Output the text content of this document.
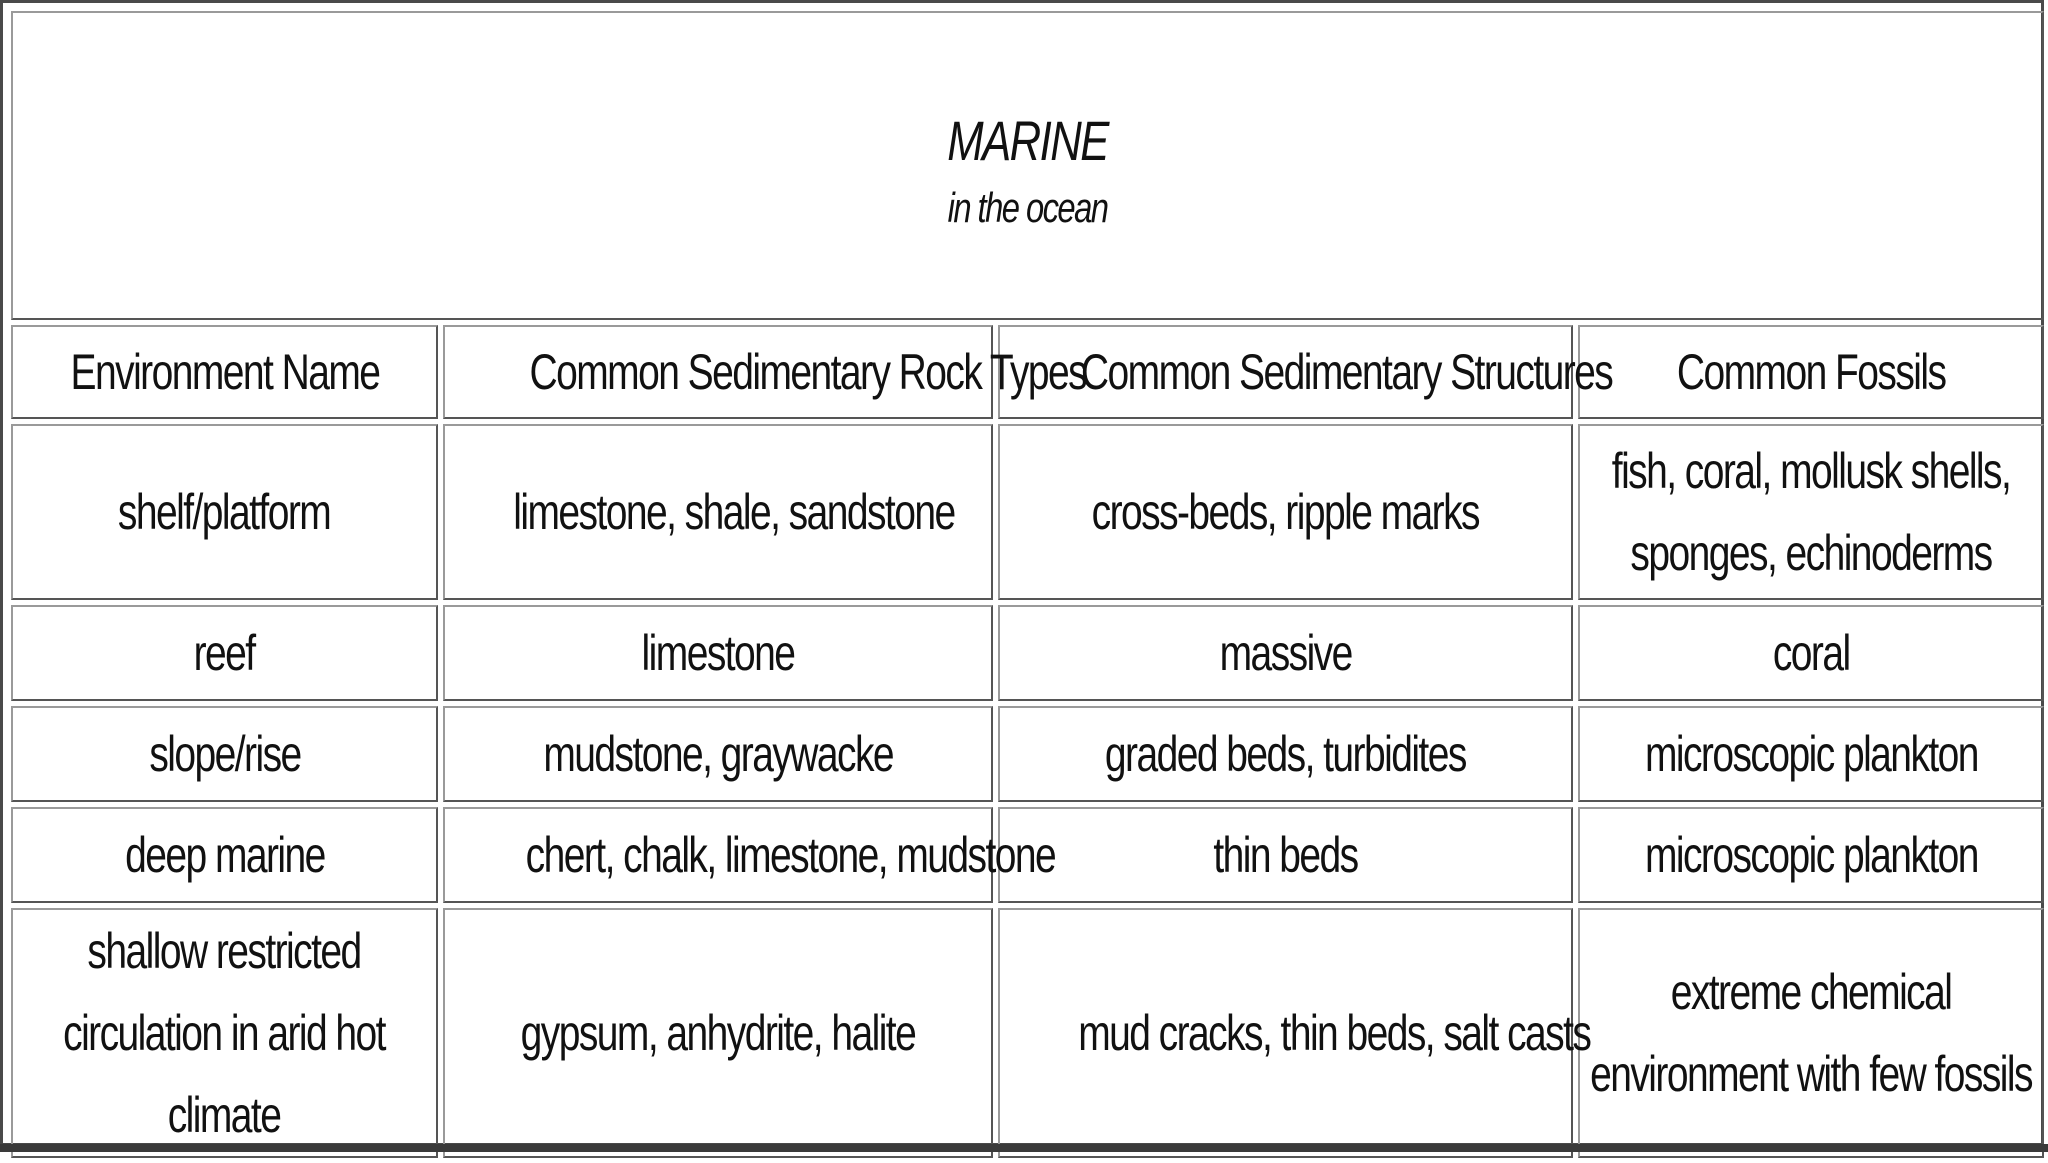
MARINE
in the ocean			

Environment Name	Common Sedimentary Rock Types	Common Sedimentary Structures	Common Fossils
shelf/platform	limestone, shale, sandstone	cross-beds, ripple marks	fish, coral, mollusk shells, sponges, echinoderms
reef	limestone	massive	coral
slope/rise	mudstone, graywacke	graded beds, turbidites	microscopic plankton
deep marine	chert, chalk, limestone, mudstone	thin beds	microscopic plankton
shallow restricted circulation in arid hot climate	gypsum, anhydrite, halite	mud cracks, thin beds, salt casts	extreme chemical environment with few fossils
